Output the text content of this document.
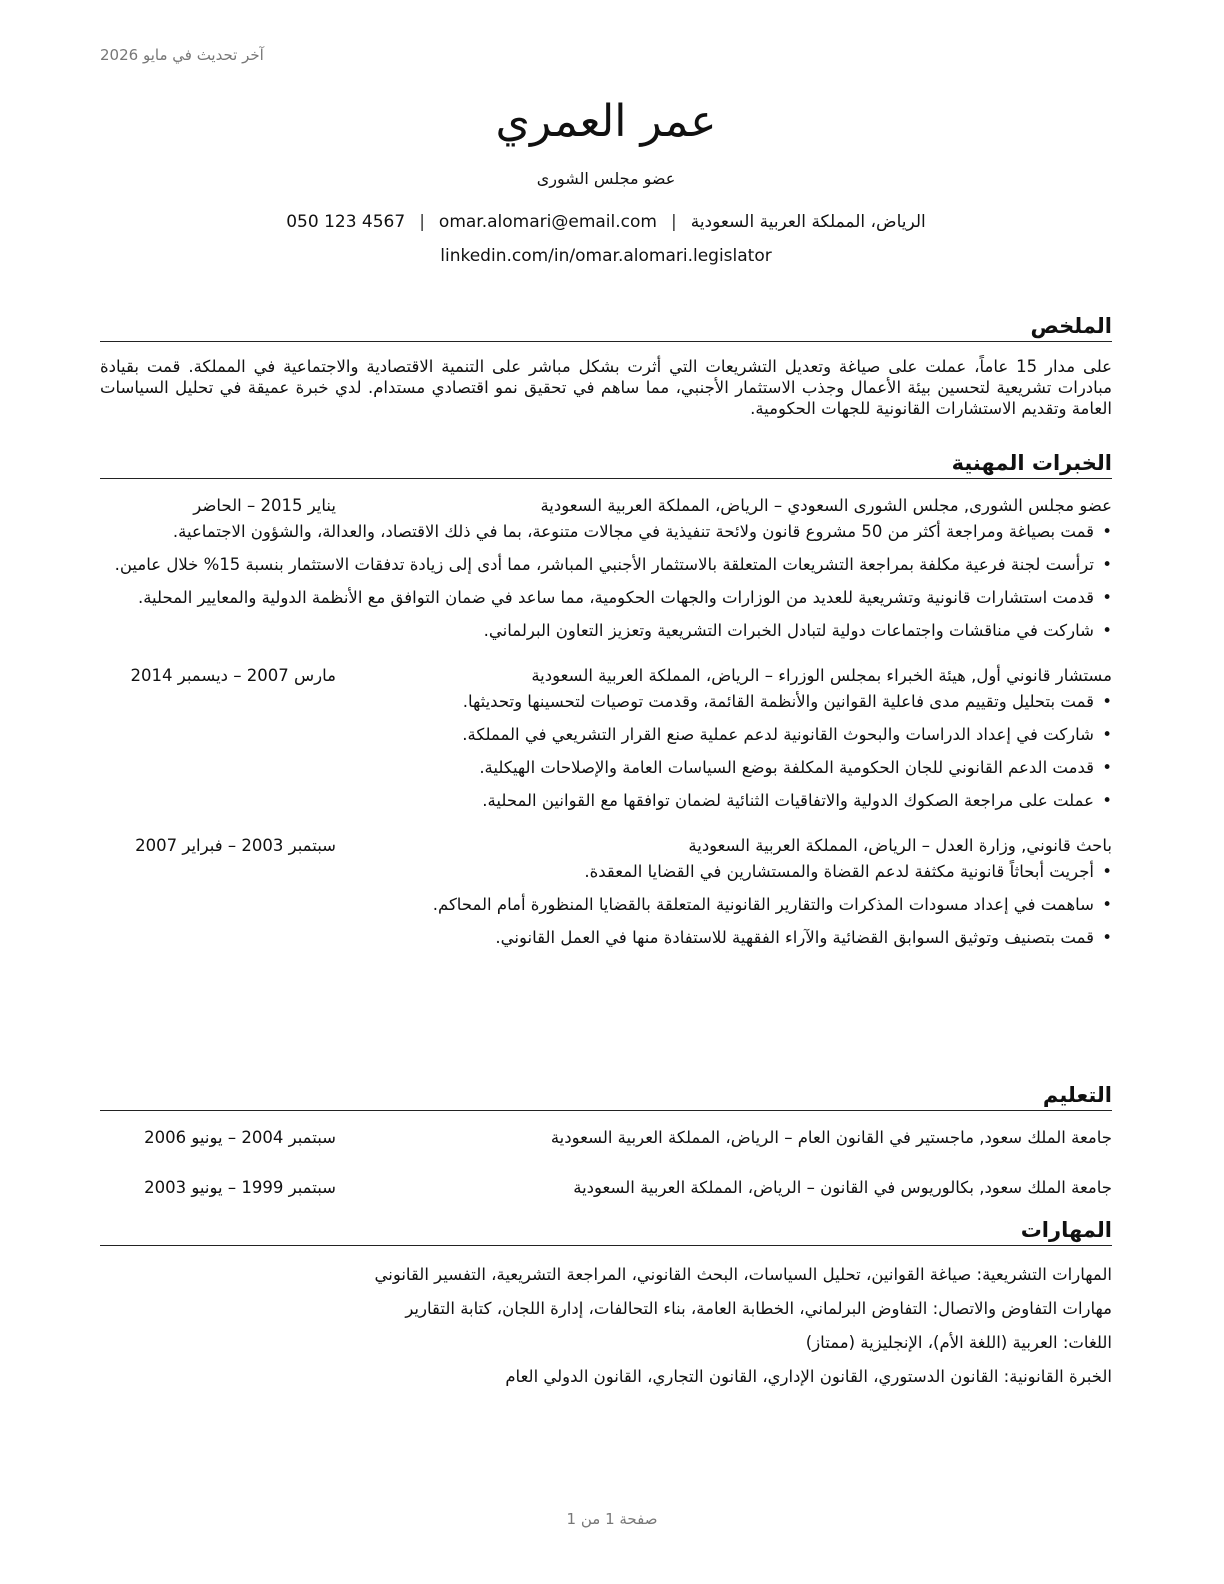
آخر تحديث في مايو 2026
عمر العمري
عضو مجلس الشورى
الرياض، المملكة العربية السعودية|omar.alomari@email.com|050 123 4567
linkedin.com/in/omar.alomari.legislator
الملخص

على مدار 15 عاماً، عملت على صياغة وتعديل التشريعات التي أثرت بشكل مباشر على التنمية الاقتصادية والاجتماعية في المملكة. قمت بقيادة مبادرات تشريعية لتحسين بيئة الأعمال وجذب الاستثمار الأجنبي، مما ساهم في تحقيق نمو اقتصادي مستدام. لدي خبرة عميقة في تحليل السياسات العامة وتقديم الاستشارات القانونية للجهات الحكومية.

الخبرات المهنية
عضو مجلس الشورى, مجلس الشورى السعودي – الرياض، المملكة العربية السعودية
يناير 2015 – الحاضر
• قمت بصياغة ومراجعة أكثر من 50 مشروع قانون ولائحة تنفيذية في مجالات متنوعة، بما في ذلك الاقتصاد، والعدالة، والشؤون الاجتماعية.
• ترأست لجنة فرعية مكلفة بمراجعة التشريعات المتعلقة بالاستثمار الأجنبي المباشر، مما أدى إلى زيادة تدفقات الاستثمار بنسبة 15% خلال عامين.
• قدمت استشارات قانونية وتشريعية للعديد من الوزارات والجهات الحكومية، مما ساعد في ضمان التوافق مع الأنظمة الدولية والمعايير المحلية.
• شاركت في مناقشات واجتماعات دولية لتبادل الخبرات التشريعية وتعزيز التعاون البرلماني.
مستشار قانوني أول, هيئة الخبراء بمجلس الوزراء – الرياض، المملكة العربية السعودية
مارس 2007 – ديسمبر 2014
• قمت بتحليل وتقييم مدى فاعلية القوانين والأنظمة القائمة، وقدمت توصيات لتحسينها وتحديثها.
• شاركت في إعداد الدراسات والبحوث القانونية لدعم عملية صنع القرار التشريعي في المملكة.
• قدمت الدعم القانوني للجان الحكومية المكلفة بوضع السياسات العامة والإصلاحات الهيكلية.
• عملت على مراجعة الصكوك الدولية والاتفاقيات الثنائية لضمان توافقها مع القوانين المحلية.
باحث قانوني, وزارة العدل – الرياض، المملكة العربية السعودية
سبتمبر 2003 – فبراير 2007
• أجريت أبحاثاً قانونية مكثفة لدعم القضاة والمستشارين في القضايا المعقدة.
• ساهمت في إعداد مسودات المذكرات والتقارير القانونية المتعلقة بالقضايا المنظورة أمام المحاكم.
• قمت بتصنيف وتوثيق السوابق القضائية والآراء الفقهية للاستفادة منها في العمل القانوني.
التعليم
جامعة الملك سعود, ماجستير في القانون العام – الرياض، المملكة العربية السعودية
سبتمبر 2004 – يونيو 2006
جامعة الملك سعود, بكالوريوس في القانون – الرياض، المملكة العربية السعودية
سبتمبر 1999 – يونيو 2003
المهارات

المهارات التشريعية: صياغة القوانين، تحليل السياسات، البحث القانوني، المراجعة التشريعية، التفسير القانوني

مهارات التفاوض والاتصال: التفاوض البرلماني، الخطابة العامة، بناء التحالفات، إدارة اللجان، كتابة التقارير

اللغات: العربية (اللغة الأم)، الإنجليزية (ممتاز)

الخبرة القانونية: القانون الدستوري، القانون الإداري، القانون التجاري، القانون الدولي العام

صفحة 1 من 1
